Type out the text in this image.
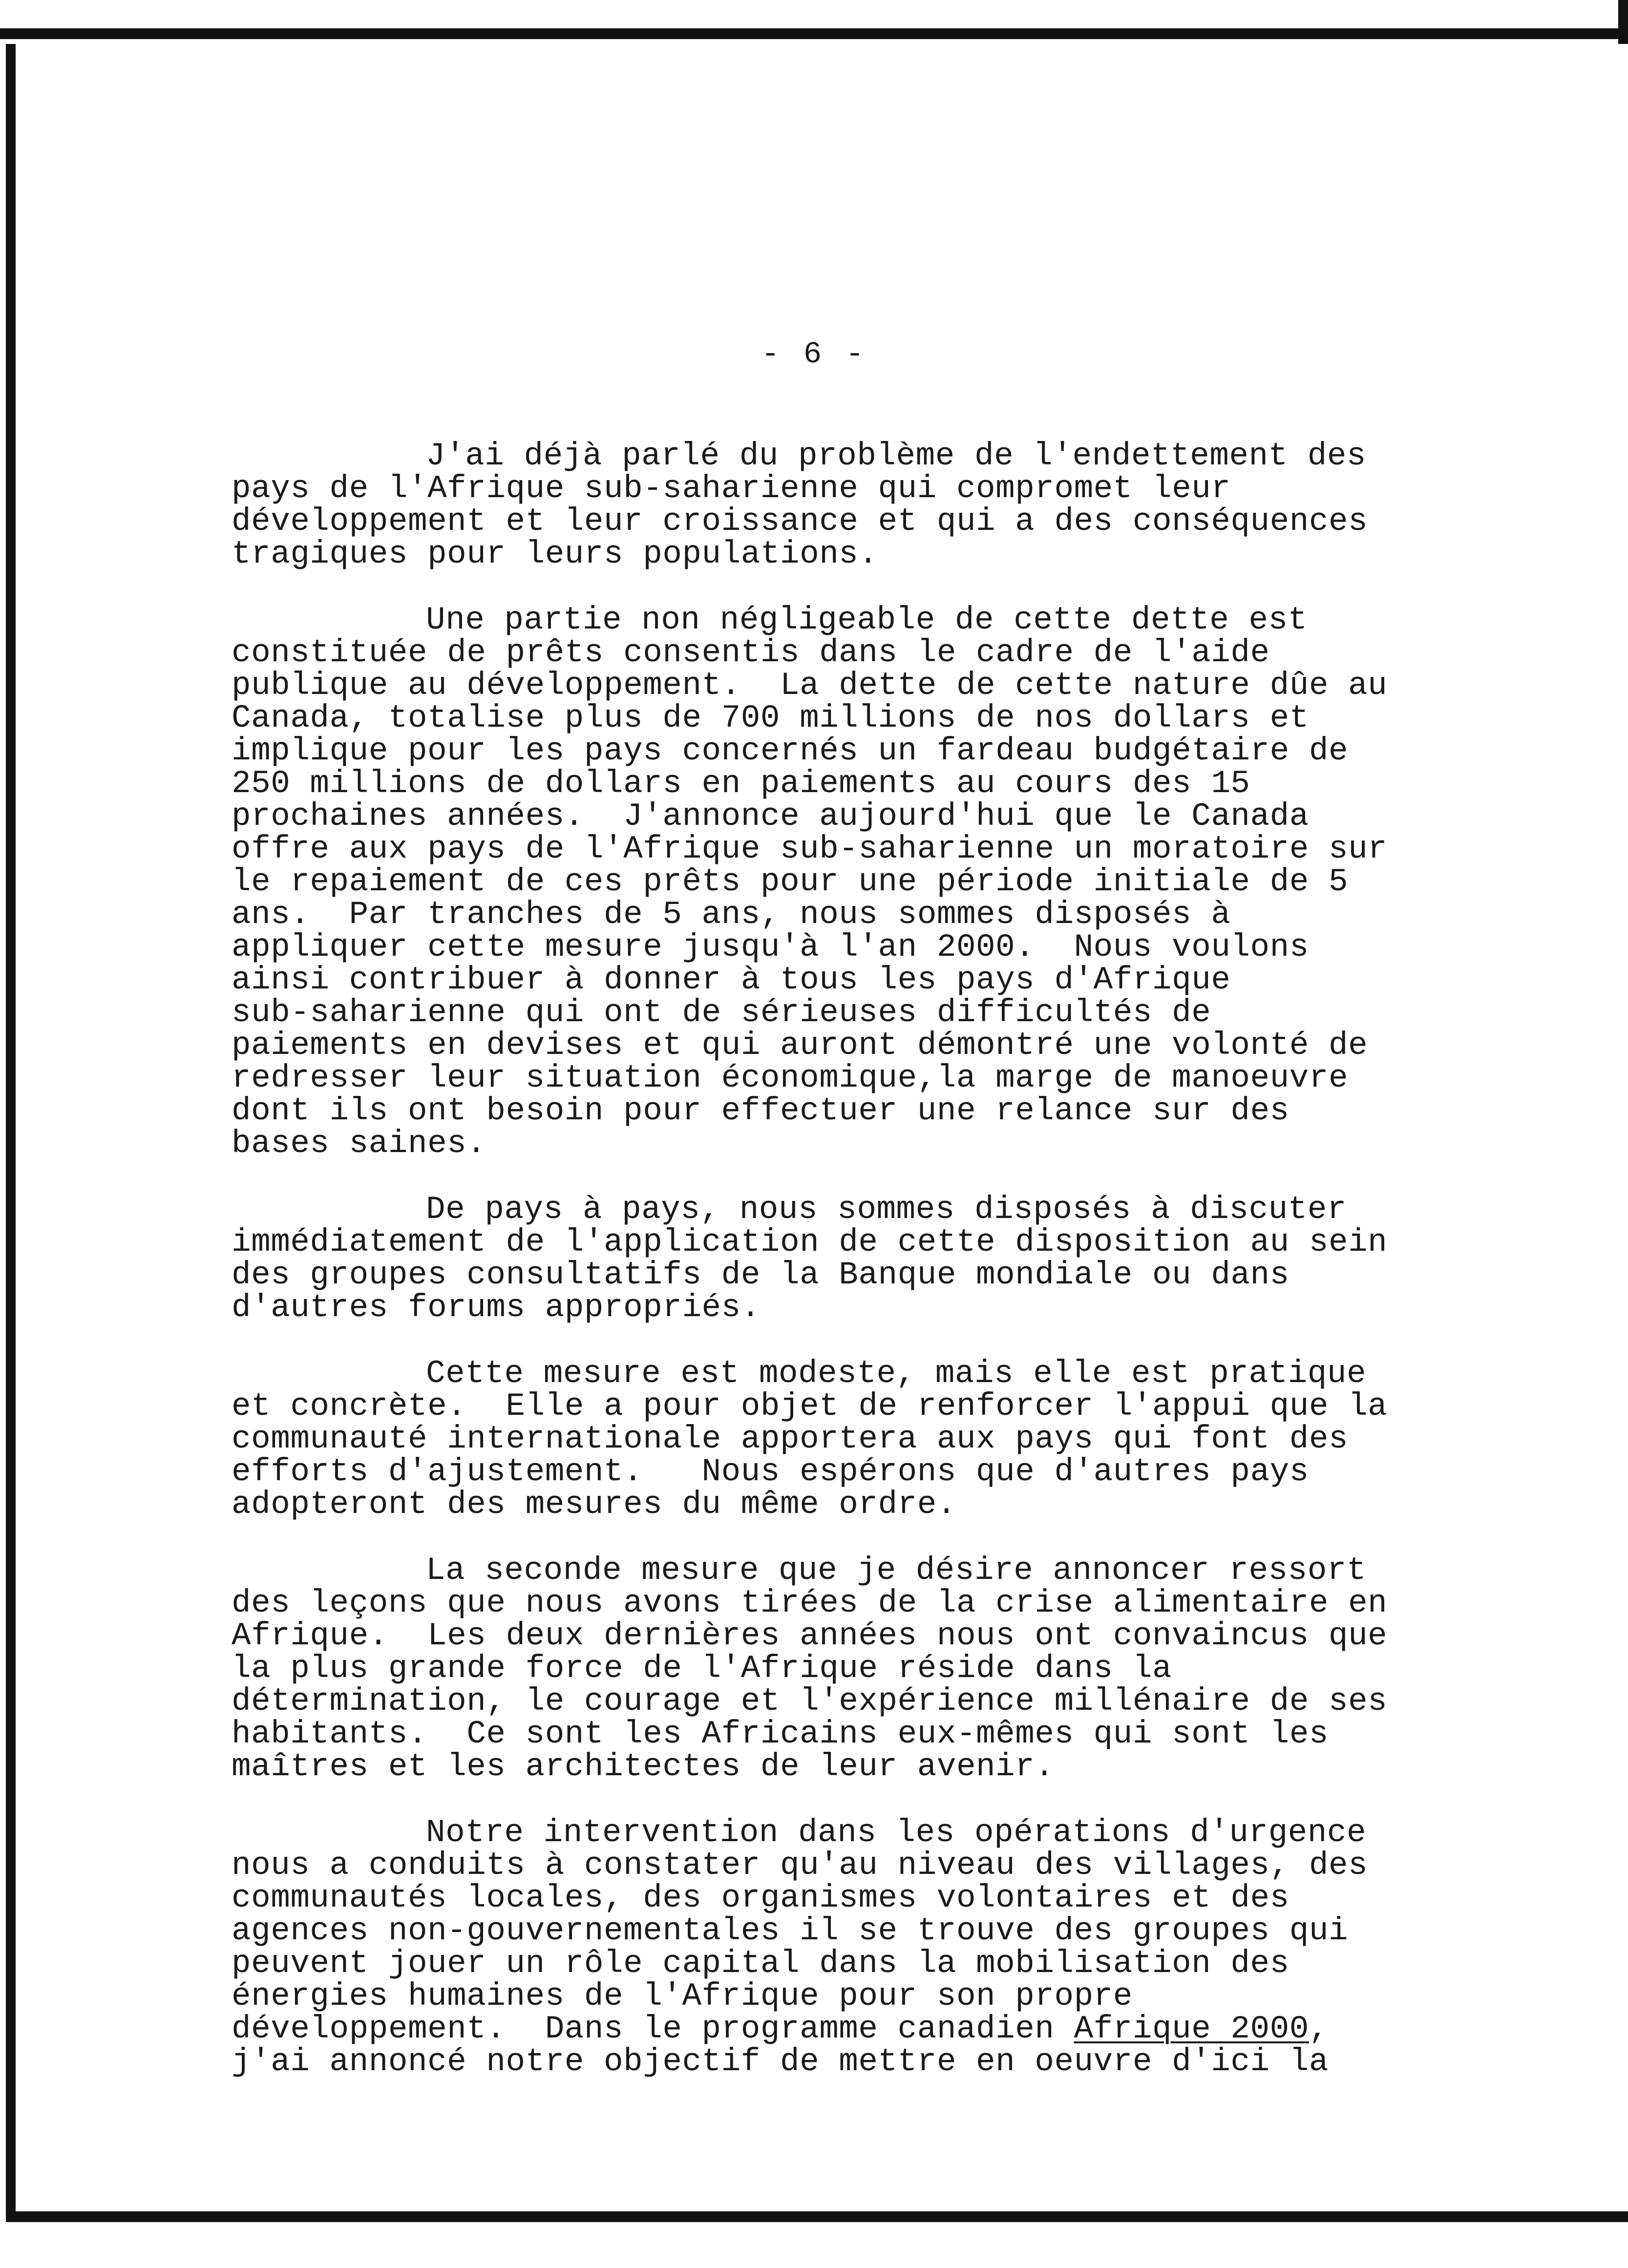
- 6 -
J'ai déjà parlé du problème de l'endettement des
pays de l'Afrique sub-saharienne qui compromet leur
développement et leur croissance et qui a des conséquences
tragiques pour leurs populations.
Une partie non négligeable de cette dette est
constituée de prêts consentis dans le cadre de l'aide
publique au développement.  La dette de cette nature dûe au
Canada, totalise plus de 700 millions de nos dollars et
implique pour les pays concernés un fardeau budgétaire de
250 millions de dollars en paiements au cours des 15
prochaines années.  J'annonce aujourd'hui que le Canada
offre aux pays de l'Afrique sub-saharienne un moratoire sur
le repaiement de ces prêts pour une période initiale de 5
ans.  Par tranches de 5 ans, nous sommes disposés à
appliquer cette mesure jusqu'à l'an 2000.  Nous voulons
ainsi contribuer à donner à tous les pays d'Afrique
sub-saharienne qui ont de sérieuses difficultés de
paiements en devises et qui auront démontré une volonté de
redresser leur situation économique,la marge de manoeuvre
dont ils ont besoin pour effectuer une relance sur des
bases saines.
De pays à pays, nous sommes disposés à discuter
immédiatement de l'application de cette disposition au sein
des groupes consultatifs de la Banque mondiale ou dans
d'autres forums appropriés.
Cette mesure est modeste, mais elle est pratique
et concrète.  Elle a pour objet de renforcer l'appui que la
communauté internationale apportera aux pays qui font des
efforts d'ajustement.   Nous espérons que d'autres pays
adopteront des mesures du même ordre.
La seconde mesure que je désire annoncer ressort
des leçons que nous avons tirées de la crise alimentaire en
Afrique.  Les deux dernières années nous ont convaincus que
la plus grande force de l'Afrique réside dans la
détermination, le courage et l'expérience millénaire de ses
habitants.  Ce sont les Africains eux-mêmes qui sont les
maîtres et les architectes de leur avenir.
Notre intervention dans les opérations d'urgence
nous a conduits à constater qu'au niveau des villages, des
communautés locales, des organismes volontaires et des
agences non-gouvernementales il se trouve des groupes qui
peuvent jouer un rôle capital dans la mobilisation des
énergies humaines de l'Afrique pour son propre
développement.  Dans le programme canadien Afrique 2000,
j'ai annoncé notre objectif de mettre en oeuvre d'ici la
